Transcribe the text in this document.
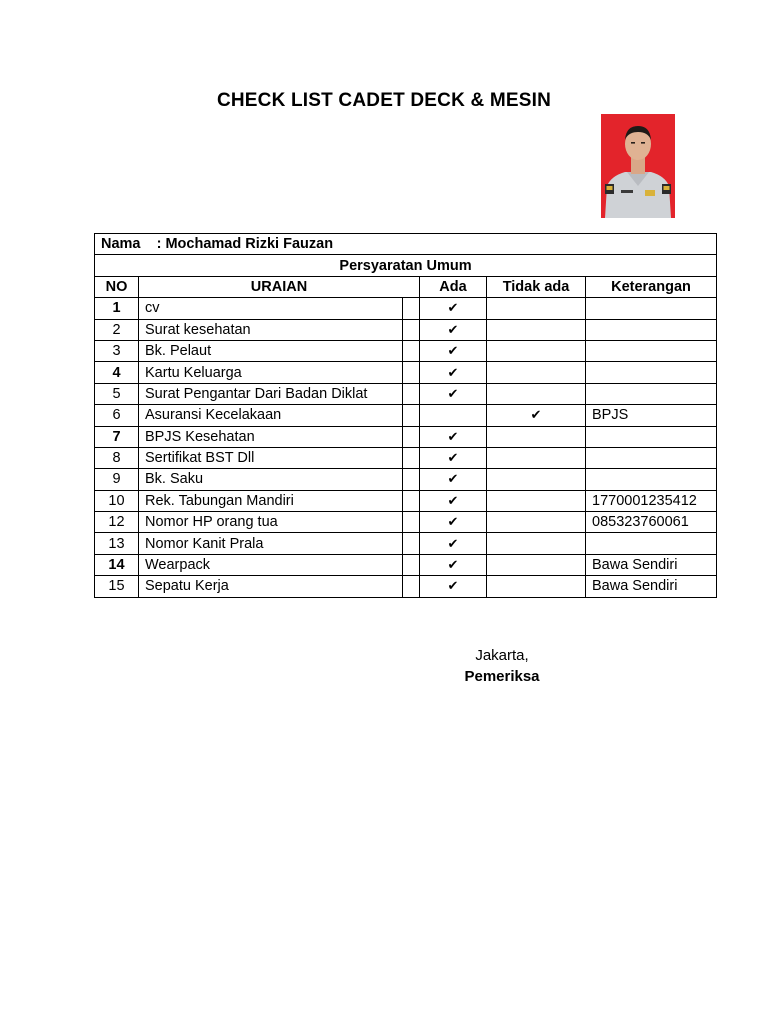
CHECK LIST CADET DECK & MESIN
Nama : Mochamad Rizki Fauzan					
Persyaratan Umum					
NO	URAIAN		Ada	Tidak ada	Keterangan
1	cv		✔		
2	Surat kesehatan		✔		
3	Bk. Pelaut		✔		
4	Kartu Keluarga		✔		
5	Surat Pengantar Dari Badan Diklat		✔		
6	Asuransi Kecelakaan			✔	BPJS
7	BPJS Kesehatan		✔		
8	Sertifikat BST Dll		✔		
9	Bk. Saku		✔		
10	Rek. Tabungan Mandiri		✔		1770001235412
12	Nomor HP orang tua		✔		085323760061
13	Nomor Kanit Prala		✔		
14	Wearpack		✔		Bawa Sendiri
15	Sepatu Kerja		✔		Bawa Sendiri
Jakarta,
Pemeriksa
